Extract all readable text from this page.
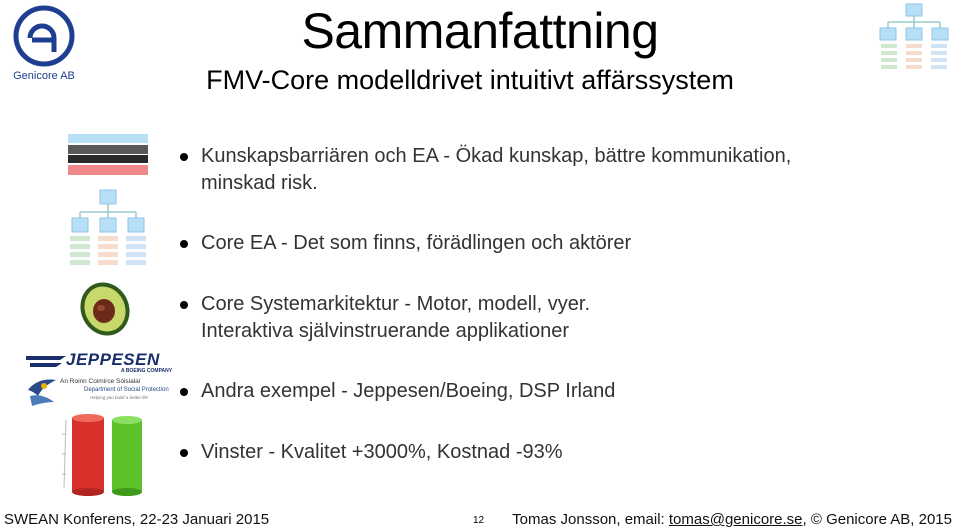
Genicore AB
Sammanfattning
FMV-Core modelldrivet intuitivt affärssystem
JEPPESEN
A BOEING COMPANY
An Roinn Coimirce Sóisialaí
Department of Social Protection
Helping you build a better life
Kunskapsbarriären och EA - Ökad kunskap, bättre kommunikation,
minskad risk.
Core EA - Det som finns, förädlingen och aktörer
Core Systemarkitektur - Motor, modell, vyer.
Interaktiva självinstruerande applikationer
Andra exempel - Jeppesen/Boeing, DSP Irland
Vinster - Kvalitet +3000%, Kostnad -93%
SWEAN Konferens, 22-23 Januari 2015	12 Tomas Jonsson, email: tomas@genicore.se, © Genicore AB, 2015
